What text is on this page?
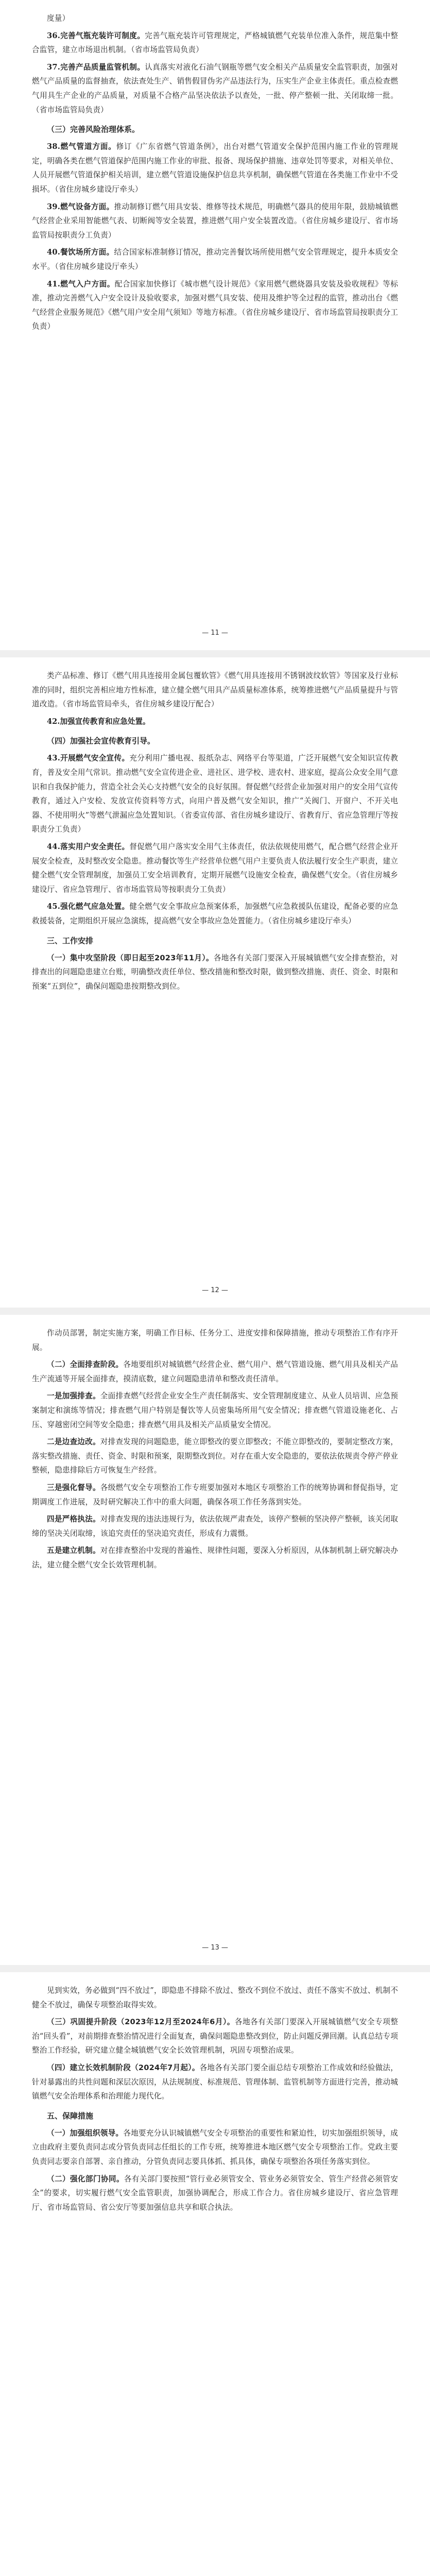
度量）

36.完善气瓶充装许可制度。完善气瓶充装许可管理规定，严格城镇燃气充装单位准入条件，规范集中整合监管，建立市场退出机制。（省市场监管局负责）

37.完善产品质量监管机制。认真落实对液化石油气钢瓶等燃气安全相关产品质量安全监管职责，加强对燃气产品质量的监督抽查，依法查处生产、销售假冒伪劣产品违法行为，压实生产企业主体责任。重点检查燃气用具生产企业的产品质量，对质量不合格产品坚决依法予以查处，一批、停产整顿一批、关闭取缔一批。（省市场监管局负责）

（三）完善风险治理体系。

38.燃气管道方面。修订《广东省燃气管道条例》，出台对燃气管道安全保护范围内施工作业的管理规定，明确各类在燃气管道保护范围内施工作业的审批、报备、现场保护措施、违章处罚等要求，对相关单位、人员开展燃气管道保护相关培训，建立燃气管道设施保护信息共享机制，确保燃气管道在各类施工作业中不受损坏。（省住房城乡建设厅牵头）

39.燃气设备方面。推动制修订燃气用具安装、维修等技术规范，明确燃气器具的使用年限，鼓励城镇燃气经营企业采用智能燃气表、切断阀等安全装置，推进燃气用户安全装置改造。（省住房城乡建设厅、省市场监管局按职责分工负责）

40.餐饮场所方面。结合国家标准制修订情况，推动完善餐饮场所使用燃气安全管理规定，提升本质安全水平。（省住房城乡建设厅牵头）

41.燃气入户方面。配合国家加快修订《城市燃气设计规范》《家用燃气燃烧器具安装及验收规程》等标准，推动完善燃气入户安全设计及验收要求，加强对燃气具安装、使用及维护等全过程的监管，推动出台《燃气经营企业服务规范》《燃气用户安全用气须知》等地方标准。（省住房城乡建设厅、省市场监管局按职责分工负责）

— 11 —

类产品标准、修订《燃气用具连接用金属包覆软管》《燃气用具连接用不锈钢波纹软管》等国家及行业标准的同时，组织完善相应地方性标准，建立健全燃气用具产品质量标准体系，统筹推进燃气产品质量提升与管道改造。（省市场监管局牵头，省住房城乡建设厅配合）

42.加强宣传教育和应急处置。
（四）加强社会宣传教育引导。

43.开展燃气安全宣传。充分利用广播电视、报纸杂志、网络平台等渠道，广泛开展燃气安全知识宣传教育，普及安全用气常识。推动燃气安全宣传进企业、进社区、进学校、进农村、进家庭，提高公众安全用气意识和自我保护能力，营造全社会关心支持燃气安全的良好氛围。督促燃气经营企业加强对用户的安全用气宣传教育，通过入户安检、发放宣传资料等方式，向用户普及燃气安全知识，推广“关阀门、开窗户、不开关电器、不使用明火”等燃气泄漏应急处置知识。（省委宣传部、省住房城乡建设厅、省教育厅、省应急管理厅等按职责分工负责）

44.落实用户安全责任。督促燃气用户落实安全用气主体责任，依法依规使用燃气，配合燃气经营企业开展安全检查，及时整改安全隐患。推动餐饮等生产经营单位燃气用户主要负责人依法履行安全生产职责，建立健全燃气安全管理制度，加强员工安全培训教育，定期开展燃气设施安全检查，确保燃气安全。（省住房城乡建设厅、省应急管理厅、省市场监管局等按职责分工负责）

45.强化燃气应急处置。健全燃气安全事故应急预案体系，加强燃气应急救援队伍建设，配备必要的应急救援装备，定期组织开展应急演练，提高燃气安全事故应急处置能力。（省住房城乡建设厅牵头）

三、工作安排

（一）集中攻坚阶段（即日起至2023年11月）。各地各有关部门要深入开展城镇燃气安全排查整治，对排查出的问题隐患建立台账，明确整改责任单位、整改措施和整改时限，做到整改措施、责任、资金、时限和预案“五到位”，确保问题隐患按期整改到位。

— 12 —

作动员部署，制定实施方案，明确工作目标、任务分工、进度安排和保障措施，推动专项整治工作有序开展。

（二）全面排查阶段。各地要组织对城镇燃气经营企业、燃气用户、燃气管道设施、燃气用具及相关产品生产流通等开展全面排查，摸清底数，建立问题隐患清单和整改责任清单。

一是加强排查。全面排查燃气经营企业安全生产责任制落实、安全管理制度建立、从业人员培训、应急预案制定和演练等情况；排查燃气用户特别是餐饮等人员密集场所用气安全情况；排查燃气管道设施老化、占压、穿越密闭空间等安全隐患；排查燃气用具及相关产品质量安全情况。

二是边查边改。对排查发现的问题隐患，能立即整改的要立即整改；不能立即整改的，要制定整改方案，落实整改措施、责任、资金、时限和预案，限期整改到位。对存在重大安全隐患的，要依法依规责令停产停业整顿，隐患排除后方可恢复生产经营。

三是强化督导。各级燃气安全专项整治工作专班要加强对本地区专项整治工作的统筹协调和督促指导，定期调度工作进展，及时研究解决工作中的重大问题，确保各项工作任务落到实处。

四是严格执法。对排查发现的违法违规行为，依法依规严肃查处，该停产整顿的坚决停产整顿，该关闭取缔的坚决关闭取缔，该追究责任的坚决追究责任，形成有力震慑。

五是建立机制。对在排查整治中发现的普遍性、规律性问题，要深入分析原因，从体制机制上研究解决办法，建立健全燃气安全长效管理机制。

— 13 —

见到实效，务必做到“四不放过”，即隐患不排除不放过、整改不到位不放过、责任不落实不放过、机制不健全不放过，确保专项整治取得实效。

（三）巩固提升阶段（2023年12月至2024年6月）。各地各有关部门要深入开展城镇燃气安全专项整治“回头看”，对前期排查整治情况进行全面复查，确保问题隐患整改到位，防止问题反弹回潮。认真总结专项整治工作经验，研究建立健全城镇燃气安全长效管理机制，巩固专项整治成果。

（四）建立长效机制阶段（2024年7月起）。各地各有关部门要全面总结专项整治工作成效和经验做法，针对暴露出的共性问题和深层次原因，从法规制度、标准规范、管理体制、监管机制等方面进行完善，推动城镇燃气安全治理体系和治理能力现代化。

五、保障措施

（一）加强组织领导。各地要充分认识城镇燃气安全专项整治的重要性和紧迫性，切实加强组织领导，成立由政府主要负责同志或分管负责同志任组长的工作专班，统筹推进本地区燃气安全专项整治工作。党政主要负责同志要亲自部署、亲自推动，分管负责同志要具体抓、抓具体，确保专项整治各项任务落实到位。

（二）强化部门协同。各有关部门要按照“管行业必须管安全、管业务必须管安全、管生产经营必须管安全”的要求，切实履行燃气安全监管职责，加强协调配合，形成工作合力。省住房城乡建设厅、省应急管理厅、省市场监管局、省公安厅等要加强信息共享和联合执法。
